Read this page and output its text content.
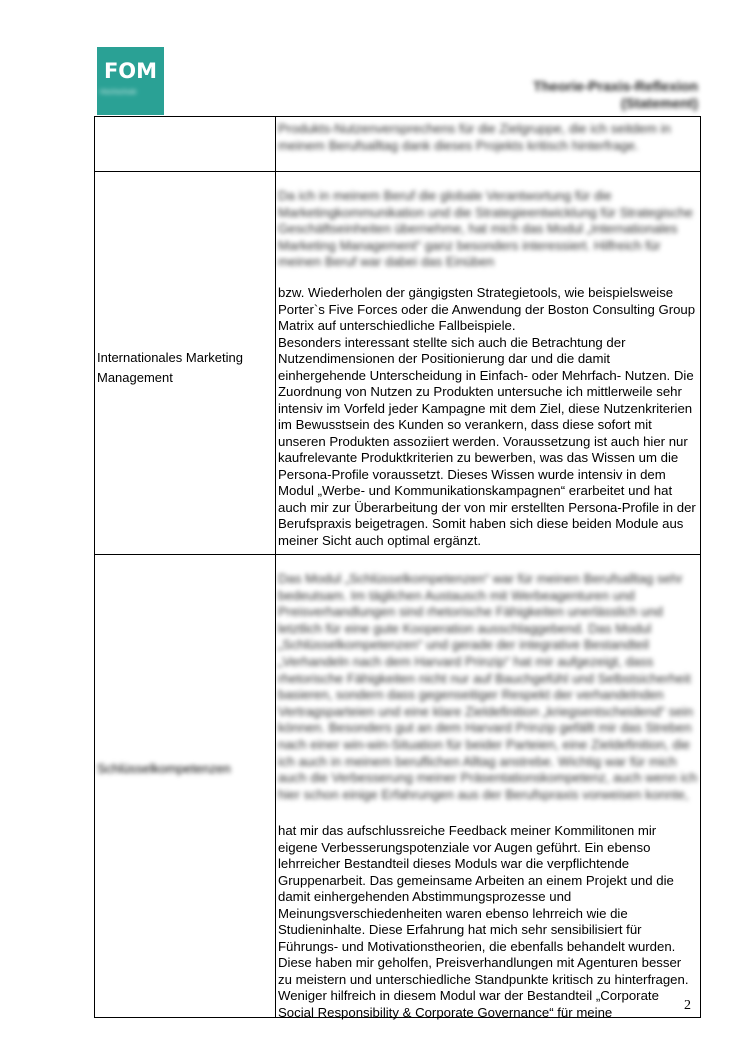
FOM
Hochschule	Theorie-Praxis-Reflexion
(Statement)

	Produkts-Nutzenversprechens für die Zielgruppe, die ich seitdem in meinem Berufsalltag dank dieses Projekts kritisch hinterfrage.

Internationales Marketing Management	Da ich in meinem Beruf die globale Verantwortung für die Marketingkommunikation und die Strategieentwicklung für Strategische Geschäftseinheiten übernehme, hat mich das Modul „Internationales Marketing Management“ ganz besonders interessiert. Hilfreich für meinen Beruf war dabei das Einüben

bzw. Wiederholen der gängigsten Strategietools, wie beispielsweise Porter`s Five Forces oder die Anwendung der Boston Consulting Group Matrix auf unterschiedliche Fallbeispiele.

Besonders interessant stellte sich auch die Betrachtung der Nutzendimensionen der Positionierung dar und die damit einhergehende Unterscheidung in Einfach- oder Mehrfach- Nutzen. Die Zuordnung von Nutzen zu Produkten untersuche ich mittlerweile sehr intensiv im Vorfeld jeder Kampagne mit dem Ziel, diese Nutzenkriterien im Bewusstsein des Kunden so verankern, dass diese sofort mit unseren Produkten assoziiert werden. Voraussetzung ist auch hier nur kaufrelevante Produktkriterien zu bewerben, was das Wissen um die Persona-Profile voraussetzt. Dieses Wissen wurde intensiv in dem Modul „Werbe- und Kommunikationskampagnen“ erarbeitet und hat auch mir zur Überarbeitung der von mir erstellten Persona-Profile in der Berufspraxis beigetragen. Somit haben sich diese beiden Module aus meiner Sicht auch optimal ergänzt.

Schlüsselkompetenzen	Das Modul „Schlüsselkompetenzen“ war für meinen Berufsalltag sehr bedeutsam. Im täglichen Austausch mit Werbeagenturen und Preisverhandlungen sind rhetorische Fähigkeiten unerlässlich und letztlich für eine gute Kooperation ausschlaggebend. Das Modul „Schlüsselkompetenzen“ und gerade der integrative Bestandteil „Verhandeln nach dem Harvard Prinzip“ hat mir aufgezeigt, dass rhetorische Fähigkeiten nicht nur auf Bauchgefühl und Selbstsicherheit basieren, sondern dass gegenseitiger Respekt der verhandelnden Vertragsparteien und eine klare Zieldefinition „kriegsentscheidend“ sein können. Besonders gut an dem Harvard Prinzip gefällt mir das Streben nach einer win-win-Situation für beider Parteien, eine Zieldefinition, die ich auch in meinem beruflichen Alltag anstrebe. Wichtig war für mich auch die Verbesserung meiner Präsentationskompetenz, auch wenn ich hier schon einige Erfahrungen aus der Berufspraxis vorweisen konnte,

hat mir das aufschlussreiche Feedback meiner Kommilitonen mir eigene Verbesserungspotenziale vor Augen geführt. Ein ebenso lehrreicher Bestandteil dieses Moduls war die verpflichtende Gruppenarbeit. Das gemeinsame Arbeiten an einem Projekt und die damit einhergehenden Abstimmungsprozesse und Meinungsverschiedenheiten waren ebenso lehrreich wie die Studieninhalte. Diese Erfahrung hat mich sehr sensibilisiert für Führungs- und Motivationstheorien, die ebenfalls behandelt wurden. Diese haben mir geholfen, Preisverhandlungen mit Agenturen besser zu meistern und unterschiedliche Standpunkte kritisch zu hinterfragen. Weniger hilfreich in diesem Modul war der Bestandteil „Corporate Social Responsibility & Corporate Governance“ für meine	2
